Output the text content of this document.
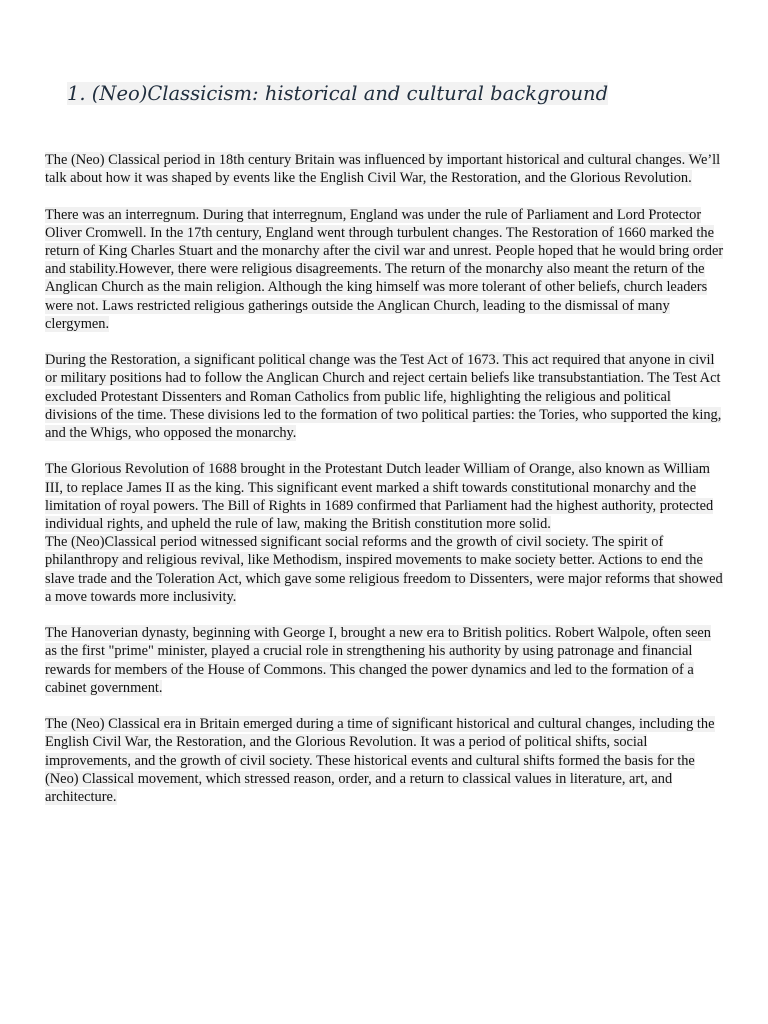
1. (Neo)Classicism: historical and cultural background

The (Neo) Classical period in 18th century Britain was influenced by important historical and cultural changes. We’ll talk about how it was shaped by events like the English Civil War, the Restoration, and the Glorious Revolution.

There was an interregnum. During that interregnum, England was under the rule of Parliament and Lord Protector Oliver Cromwell. In the 17th century, England went through turbulent changes. The Restoration of 1660 marked the return of King Charles Stuart and the monarchy after the civil war and unrest. People hoped that he would bring order and stability.However, there were religious disagreements. The return of the monarchy also meant the return of the Anglican Church as the main religion. Although the king himself was more tolerant of other beliefs, church leaders were not. Laws restricted religious gatherings outside the Anglican Church, leading to the dismissal of many clergymen.

During the Restoration, a significant political change was the Test Act of 1673. This act required that anyone in civil or military positions had to follow the Anglican Church and reject certain beliefs like transubstantiation. The Test Act excluded Protestant Dissenters and Roman Catholics from public life, highlighting the religious and political divisions of the time. These divisions led to the formation of two political parties: the Tories, who supported the king, and the Whigs, who opposed the monarchy.

The Glorious Revolution of 1688 brought in the Protestant Dutch leader William of Orange, also known as William III, to replace James II as the king. This significant event marked a shift towards constitutional monarchy and the limitation of royal powers. The Bill of Rights in 1689 confirmed that Parliament had the highest authority, protected individual rights, and upheld the rule of law, making the British constitution more solid.

The (Neo)Classical period witnessed significant social reforms and the growth of civil society. The spirit of philanthropy and religious revival, like Methodism, inspired movements to make society better. Actions to end the slave trade and the Toleration Act, which gave some religious freedom to Dissenters, were major reforms that showed a move towards more inclusivity.

The Hanoverian dynasty, beginning with George I, brought a new era to British politics. Robert Walpole, often seen as the first "prime" minister, played a crucial role in strengthening his authority by using patronage and financial rewards for members of the House of Commons. This changed the power dynamics and led to the formation of a cabinet government.

The (Neo) Classical era in Britain emerged during a time of significant historical and cultural changes, including the English Civil War, the Restoration, and the Glorious Revolution. It was a period of political shifts, social improvements, and the growth of civil society. These historical events and cultural shifts formed the basis for the (Neo) Classical movement, which stressed reason, order, and a return to classical values in literature, art, and architecture.
